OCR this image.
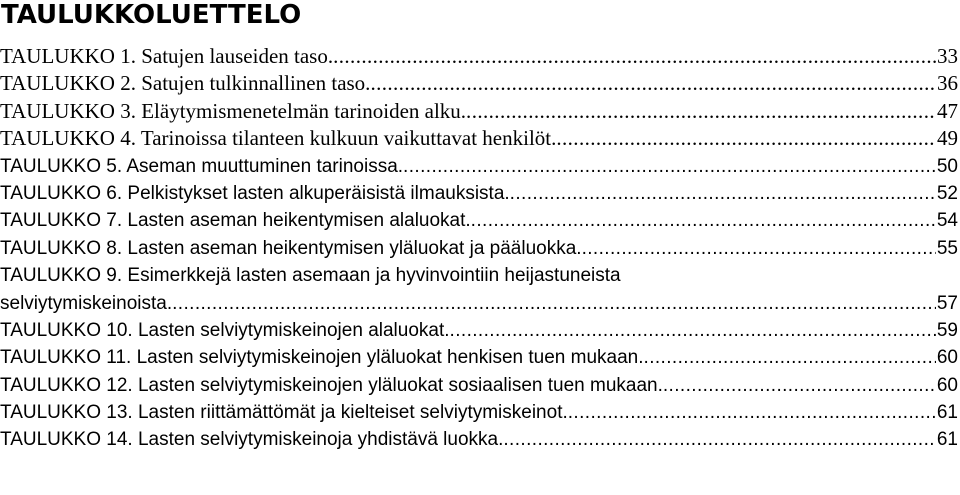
TAULUKKOLUETTELO
TAULUKKO 1. Satujen lauseiden taso. .....	33
TAULUKKO 2. Satujen tulkinnallinen taso. .....	36
TAULUKKO 3. Eläytymismenetelmän tarinoiden alku. .....	47
TAULUKKO 4. Tarinoissa tilanteen kulkuun vaikuttavat henkilöt. .....	49
TAULUKKO 5. Aseman muuttuminen tarinoissa. .....	50
TAULUKKO 6. Pelkistykset lasten alkuperäisistä ilmauksista. .....	52
TAULUKKO 7. Lasten aseman heikentymisen alaluokat. .....	54
TAULUKKO 8. Lasten aseman heikentymisen yläluokat ja pääluokka. .....	55
TAULUKKO 9. Esimerkkejä lasten asemaan ja hyvinvointiin heijastuneista
selviytymiskeinoista. .....	57
TAULUKKO 10. Lasten selviytymiskeinojen alaluokat. .....	59
TAULUKKO 11. Lasten selviytymiskeinojen yläluokat henkisen tuen mukaan. .....	60
TAULUKKO 12. Lasten selviytymiskeinojen yläluokat sosiaalisen tuen mukaan. .....	60
TAULUKKO 13. Lasten riittämättömät ja kielteiset selviytymiskeinot. .....	61
TAULUKKO 14. Lasten selviytymiskeinoja yhdistävä luokka. .....	61
